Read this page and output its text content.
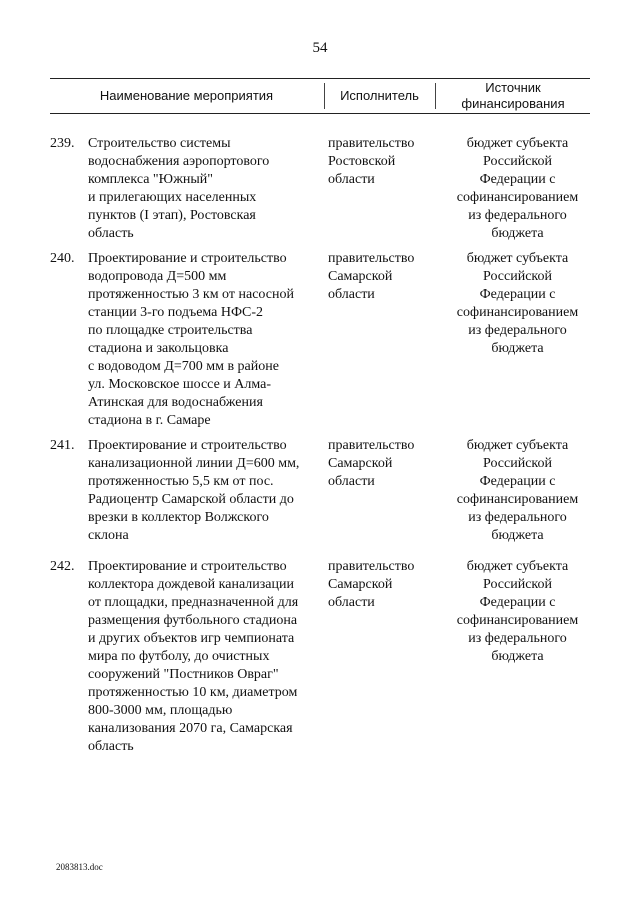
54
Наименование мероприятия	Исполнитель
Источник
финансирования
239. Строительство системы
водоснабжения аэропортового
комплекса "Южный"
и прилегающих населенных
пунктов (I этап), Ростовская
область
правительство
Ростовской
области
бюджет субъекта
Российской
Федерации с
софинансированием
из федерального
бюджета
240. Проектирование и строительство
водопровода Д=500 мм
протяженностью 3 км от насосной
станции 3-го подъема НФС-2
по площадке строительства
стадиона и закольцовка
с водоводом Д=700 мм в районе
ул. Московское шоссе и Алма-
Атинская для водоснабжения
стадиона в г. Самаре
правительство
Самарской
области
бюджет субъекта
Российской
Федерации с
софинансированием
из федерального
бюджета
241. Проектирование и строительство
канализационной линии Д=600 мм,
протяженностью 5,5 км от пос.
Радиоцентр Самарской области до
врезки в коллектор Волжского
склона
правительство
Самарской
области
бюджет субъекта
Российской
Федерации с
софинансированием
из федерального
бюджета
242. Проектирование и строительство
коллектора дождевой канализации
от площадки, предназначенной для
размещения футбольного стадиона
и других объектов игр чемпионата
мира по футболу, до очистных
сооружений "Постников Овраг"
протяженностью 10 км, диаметром
800-3000 мм, площадью
канализования 2070 га, Самарская
область
правительство
Самарской
области
бюджет субъекта
Российской
Федерации с
софинансированием
из федерального
бюджета
2083813.doc
